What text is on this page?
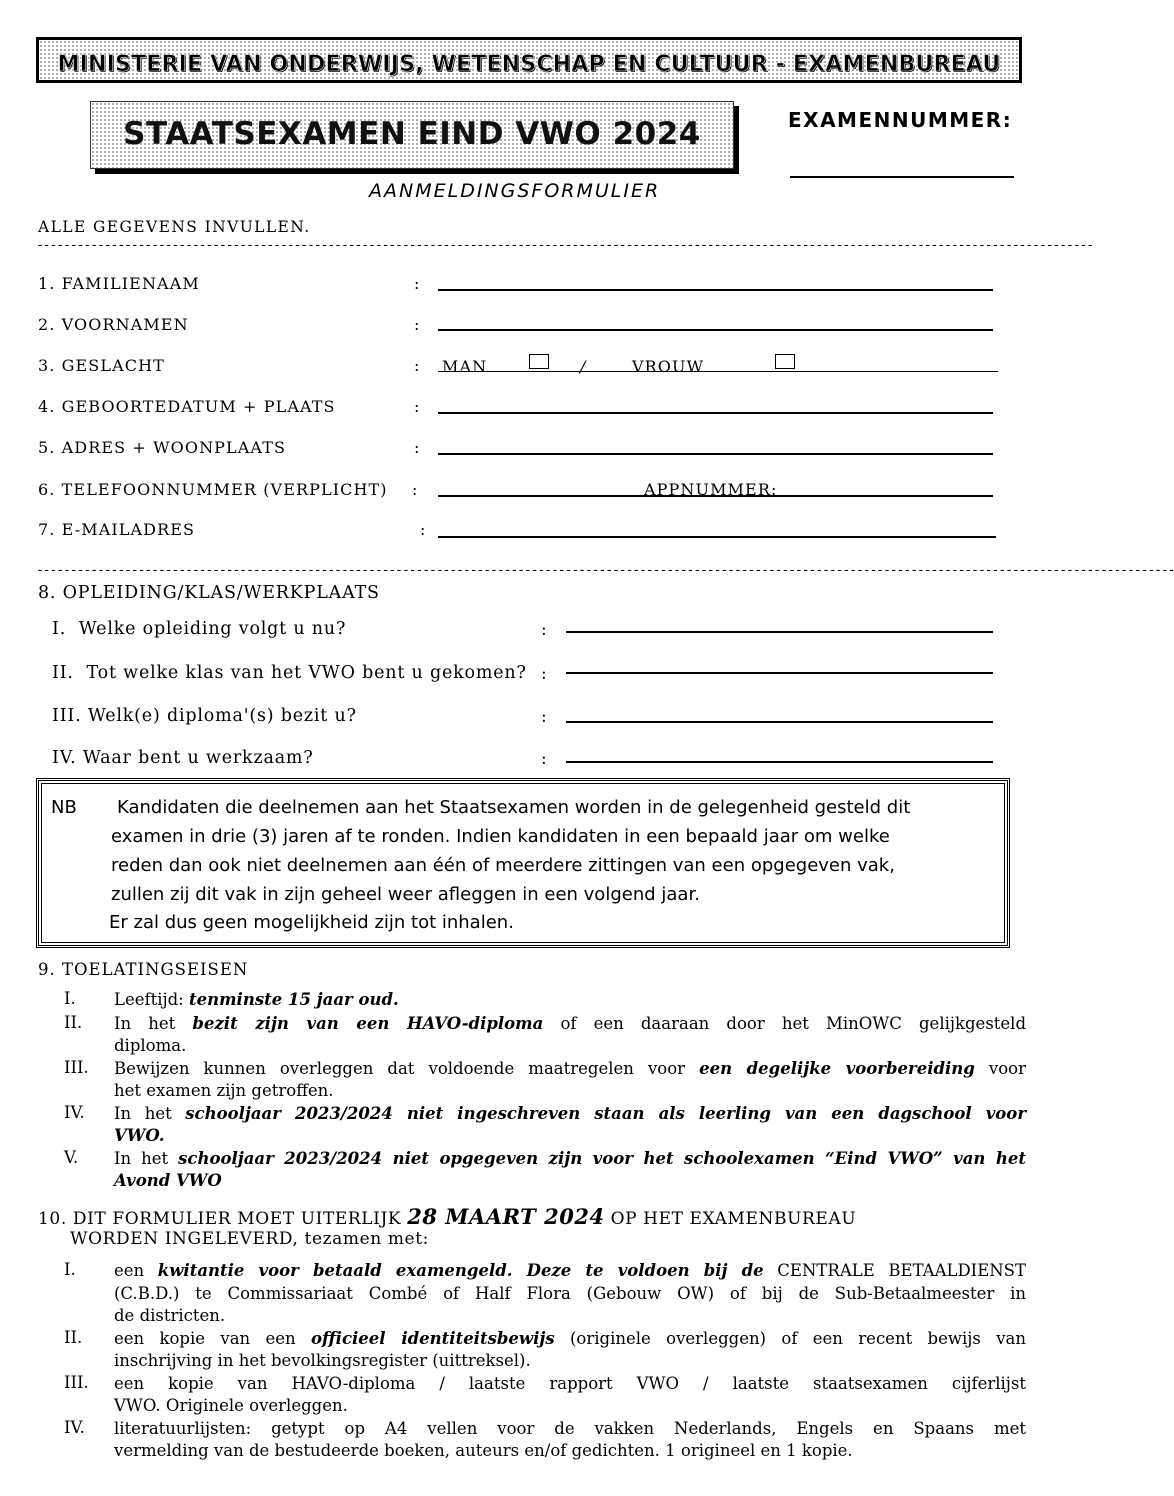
MINISTERIE VAN ONDERWIJS, WETENSCHAP EN CULTUUR - EXAMENBUREAU
STAATSEXAMEN EIND VWO 2024	EXAMENNUMMER:
AANMELDINGSFORMULIER
ALLE GEGEVENS INVULLEN.
------------------------------------------------------------------------------------------------------------------------------------------------------------
1. FAMILIENAAM	:
2. VOORNAMEN	:
3. GESLACHT	: MAN	/	VROUW
4. GEBOORTEDATUM + PLAATS	:
5. ADRES + WOONPLAATS	:
6. TELEFOONNUMMER (VERPLICHT) :	APPNUMMER:
7. E-MAILADRES	:
------------------------------------------------------------------------------------------------------------------------------------------------------------------------
8. OPLEIDING/KLAS/WERKPLAATS
I.  Welke opleiding volgt u nu?	:
II.  Tot welke klas van het VWO bent u gekomen? :
III. Welk(e) diploma'(s) bezit u?	:
IV. Waar bent u werkzaam?	:
NB Kandidaten die deelnemen aan het Staatsexamen worden in de gelegenheid gesteld dit
examen in drie (3) jaren af te ronden. Indien kandidaten in een bepaald jaar om welke
reden dan ook niet deelnemen aan één of meerdere zittingen van een opgegeven vak,
zullen zij dit vak in zijn geheel weer afleggen in een volgend jaar.
Er zal dus geen mogelijkheid zijn tot inhalen.
9. TOELATINGSEISEN
I. Leeftijd: tenminste 15 jaar oud.
II. In het bezit zijn van een HAVO-diploma of een daaraan door het MinOWC gelijkgesteld
diploma.
III. Bewijzen kunnen overleggen dat voldoende maatregelen voor een degelijke voorbereiding voor
het examen zijn getroffen.
IV. In het schooljaar 2023/2024 niet ingeschreven staan als leerling van een dagschool voor
VWO.
V. In het schooljaar 2023/2024 niet opgegeven zijn voor het schoolexamen “Eind VWO” van het
Avond VWO
10. DIT FORMULIER MOET UITERLIJK 28 MAART 2024 OP HET EXAMENBUREAU
WORDEN INGELEVERD, tezamen met:
I. een kwitantie voor betaald examengeld. Deze te voldoen bij de CENTRALE BETAALDIENST
(C.B.D.) te Commissariaat Combé of Half Flora (Gebouw OW) of bij de Sub-Betaalmeester in
de districten.
II. een kopie van een officieel identiteitsbewijs (originele overleggen) of een recent bewijs van
inschrijving in het bevolkingsregister (uittreksel).
III. een kopie van HAVO-diploma / laatste rapport VWO / laatste staatsexamen cijferlijst
VWO. Originele overleggen.
IV. literatuurlijsten: getypt op A4 vellen voor de vakken Nederlands, Engels en Spaans met
vermelding van de bestudeerde boeken, auteurs en/of gedichten. 1 origineel en 1 kopie.
